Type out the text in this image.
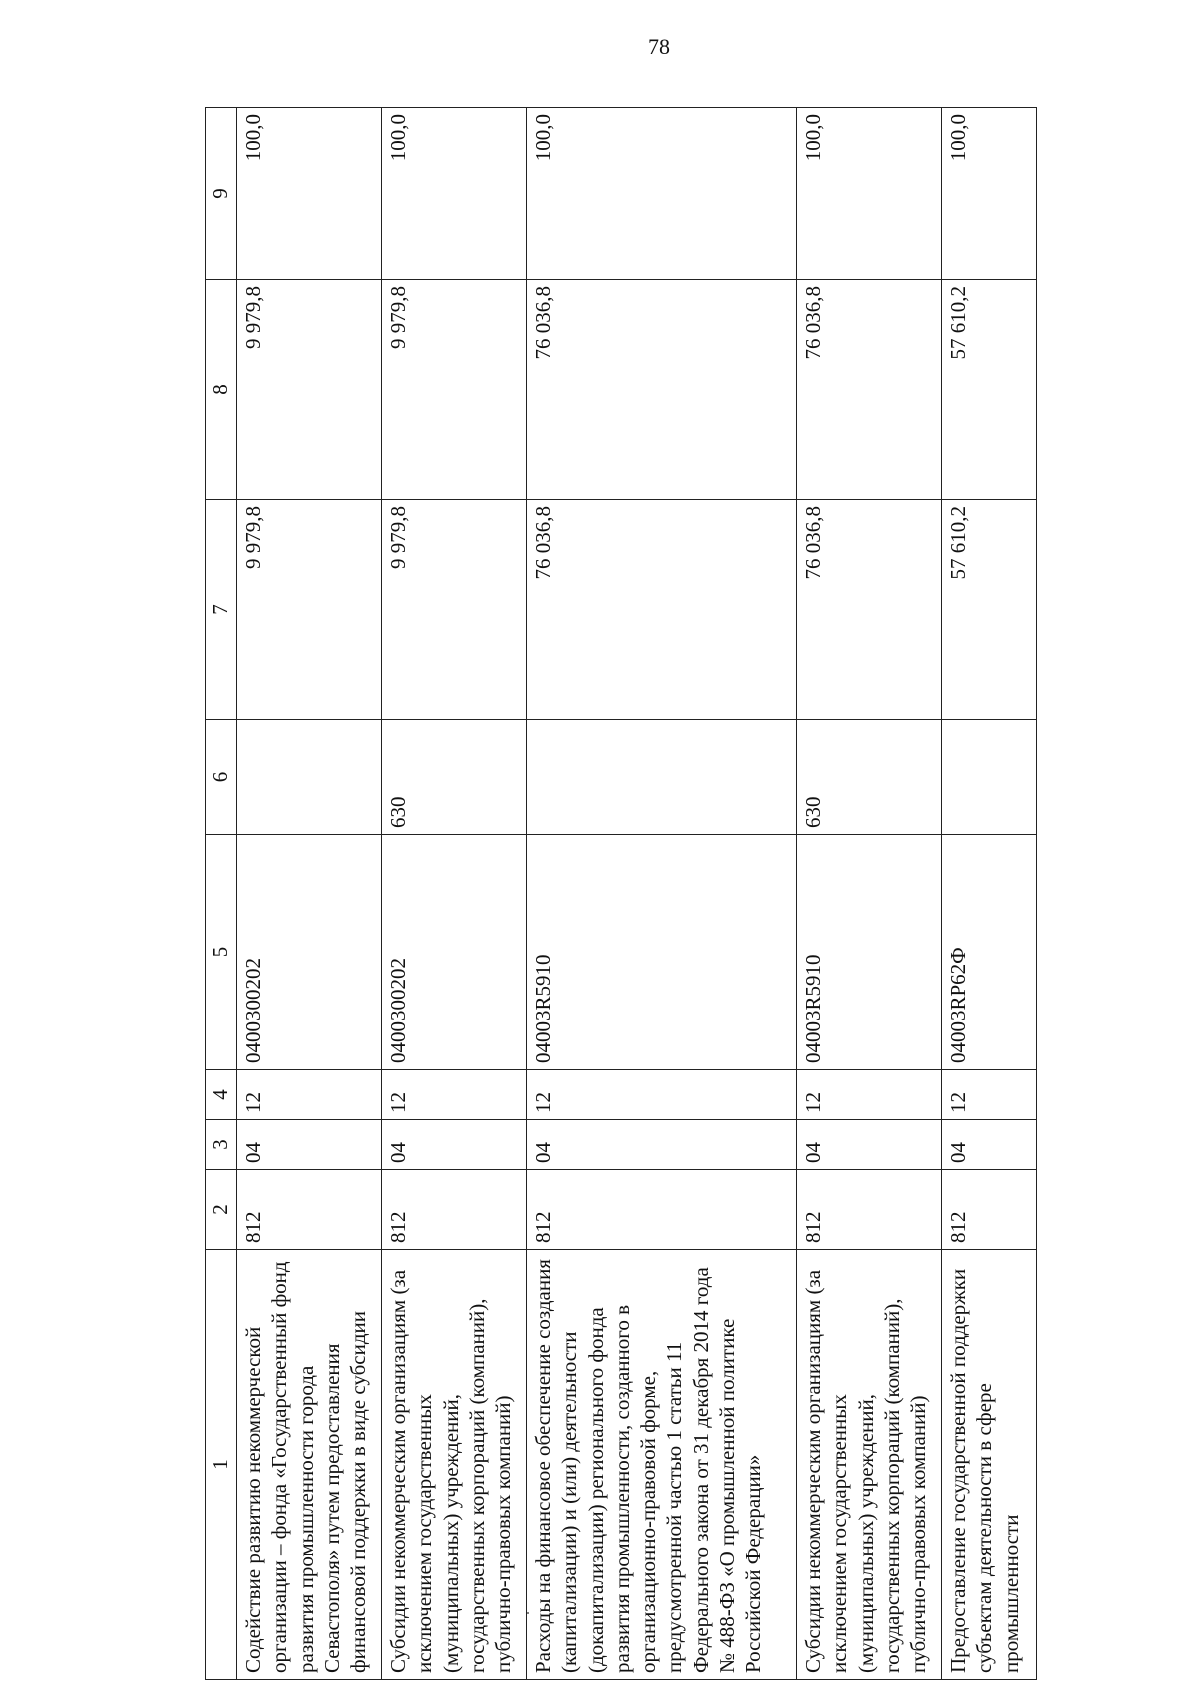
78
1	2	3	4	5	6	7	8	9
Содействие развитию некоммерческой организации – фонда «Государственный фонд развития промышленности города Севастополя» путем предоставления финансовой поддержки в виде субсидии	812	04	12	0400300202		9 979,8	9 979,8	100,0
Субсидии некоммерческим организациям (за исключением государственных (муниципальных) учреждений, государственных корпораций (компаний), публично-правовых компаний)	812	04	12	0400300202	630	9 979,8	9 979,8	100,0
Расходы на финансовое обеспечение создания (капитализации) и (или) деятельности (докапитализации) регионального фонда развития промышленности, созданного в организационно-правовой форме, предусмотренной частью 1 статьи 11 Федерального закона от 31 декабря 2014 года № 488-ФЗ «О промышленной политике Российской Федерации»	812	04	12	04003R5910		76 036,8	76 036,8	100,0
Субсидии некоммерческим организациям (за исключением государственных (муниципальных) учреждений, государственных корпораций (компаний), публично-правовых компаний)	812	04	12	04003R5910	630	76 036,8	76 036,8	100,0
Предоставление государственной поддержки субъектам деятельности в сфере промышленности	812	04	12	04003RP62Ф		57 610,2	57 610,2	100,0
